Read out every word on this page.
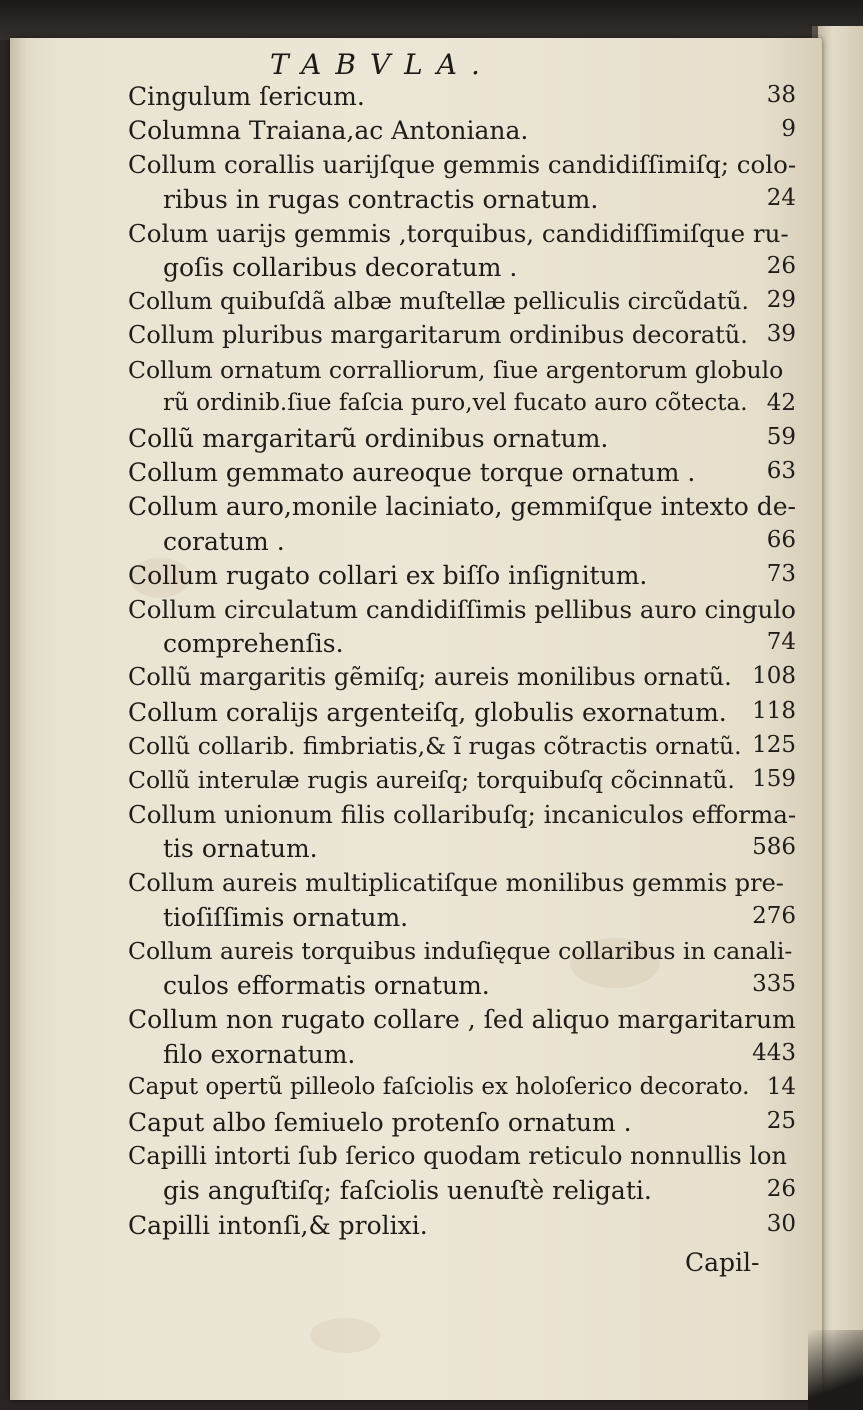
TABVLA.
Cingulum ſericum.	38
Columna Traiana,ac Antoniana.	9
Collum corallis uarijſque gemmis candidiſſimiſq; colo-
ribus in rugas contractis ornatum.	24
Colum uarijs gemmis ,torquibus, candidiſſimiſque ru-
goſis collaribus decoratum .	26
Collum quibuſdã albæ muſtellæ pelliculis circũdatũ. 29
Collum pluribus margaritarum ordinibus decoratũ. 39
Collum ornatum corralliorum, ſiue argentorum globulo
rũ ordinib.ſiue faſcia puro,vel fucato auro cõtecta. 42
Collũ margaritarũ ordinibus ornatum.	59
Collum gemmato aureoque torque ornatum .	63
Collum auro,monile laciniato, gemmiſque intexto de-
coratum .	66
Collum rugato collari ex biſſo inſignitum.	73
Collum circulatum candidiſſimis pellibus auro cingulo
comprehenſis.	74
Collũ margaritis gẽmiſq; aureis monilibus ornatũ. 108
Collum coralijs argenteiſq, globulis exornatum. 118
Collũ collarib. fimbriatis,& ĩ rugas cõtractis ornatũ. 125
Collũ interulæ rugis aureiſq; torquibuſq cõcinnatũ. 159
Collum unionum filis collaribuſq; incaniculos efforma-
tis ornatum.	586
Collum aureis multiplicatiſque monilibus gemmis pre-
tioſiſſimis ornatum.	276
Collum aureis torquibus induſięque collaribus in canali-
culos efformatis ornatum.	335
Collum non rugato collare , ſed aliquo margaritarum
filo exornatum.	443
Caput opertũ pilleolo faſciolis ex holoſerico decorato. 14
Caput albo ſemiuelo protenſo ornatum .	25
Capilli intorti ſub ſerico quodam reticulo nonnullis lon
gis anguſtiſq; faſciolis uenuſtè religati.	26
Capilli intonſi,& prolixi.	30
Capil-
